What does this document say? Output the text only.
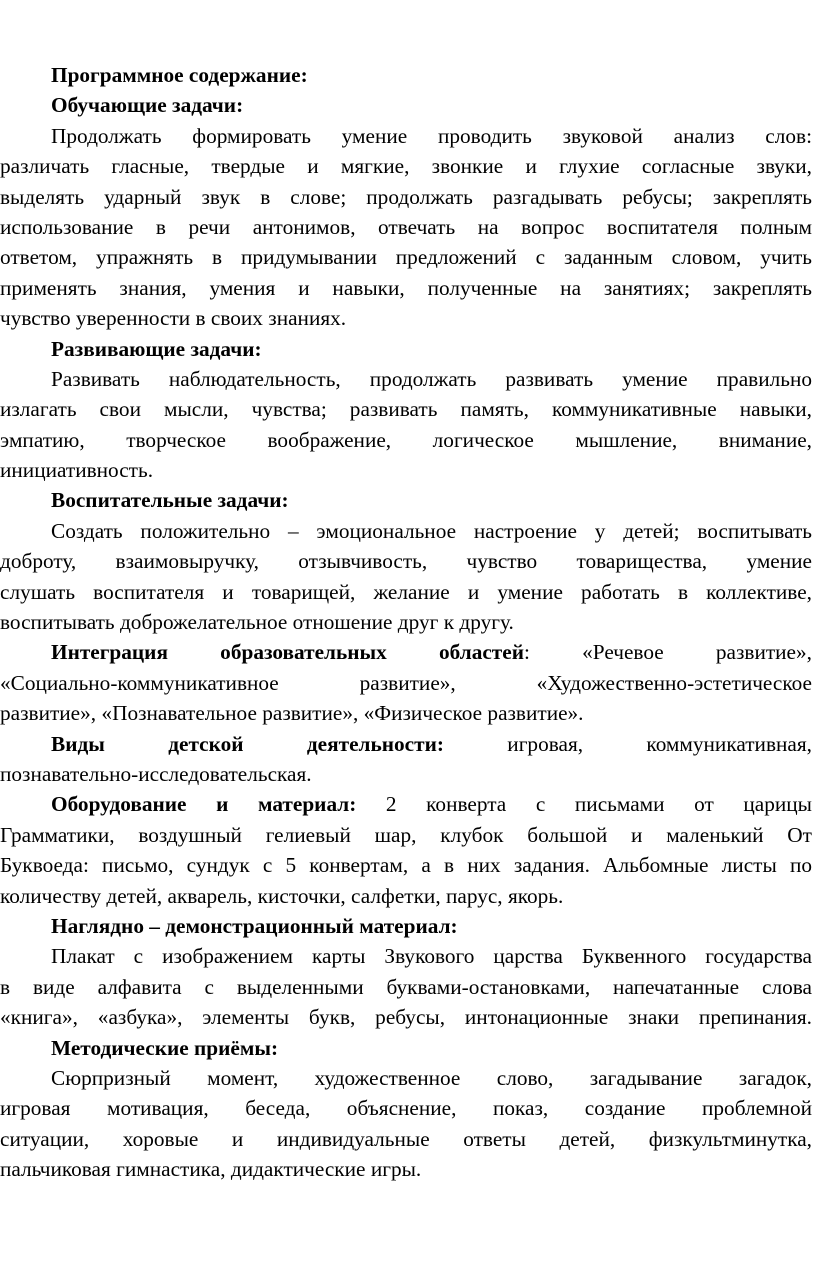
Программное содержание:
Обучающие задачи:
Продолжать формировать умение проводить звуковой анализ слов:
различать гласные, твердые и мягкие, звонкие и глухие согласные звуки,
выделять ударный звук в слове; продолжать разгадывать ребусы; закреплять
использование в речи антонимов, отвечать на вопрос воспитателя полным
ответом, упражнять в придумывании предложений с заданным словом, учить
применять знания, умения и навыки, полученные на занятиях; закреплять
чувство уверенности в своих знаниях.
Развивающие задачи:
Развивать наблюдательность, продолжать развивать умение правильно
излагать свои мысли, чувства; развивать память, коммуникативные навыки,
эмпатию, творческое воображение, логическое мышление, внимание,
инициативность.
Воспитательные задачи:
Создать положительно – эмоциональное настроение у детей; воспитывать
доброту, взаимовыручку, отзывчивость, чувство товарищества, умение
слушать воспитателя и товарищей, желание и умение работать в коллективе,
воспитывать доброжелательное отношение друг к другу.
Интеграция образовательных областей: «Речевое развитие»,
«Социально-коммуникативное развитие», «Художественно-эстетическое
развитие», «Познавательное развитие», «Физическое развитие».
Виды детской деятельности: игровая, коммуникативная,
познавательно-исследовательская.
Оборудование и материал: 2 конверта с письмами от царицы
Грамматики, воздушный гелиевый шар, клубок большой и маленький От
Буквоеда: письмо, сундук с 5 конвертам, а в них задания. Альбомные листы по
количеству детей, акварель, кисточки, салфетки, парус, якорь.
Наглядно – демонстрационный материал:
Плакат с изображением карты Звукового царства Буквенного государства
в виде алфавита с выделенными буквами-остановками, напечатанные слова
«книга», «азбука», элементы букв, ребусы, интонационные знаки препинания.
Методические приёмы:
Сюрпризный момент, художественное слово, загадывание загадок,
игровая мотивация, беседа, объяснение, показ, создание проблемной
ситуации, хоровые и индивидуальные ответы детей, физкультминутка,
пальчиковая гимнастика, дидактические игры.
